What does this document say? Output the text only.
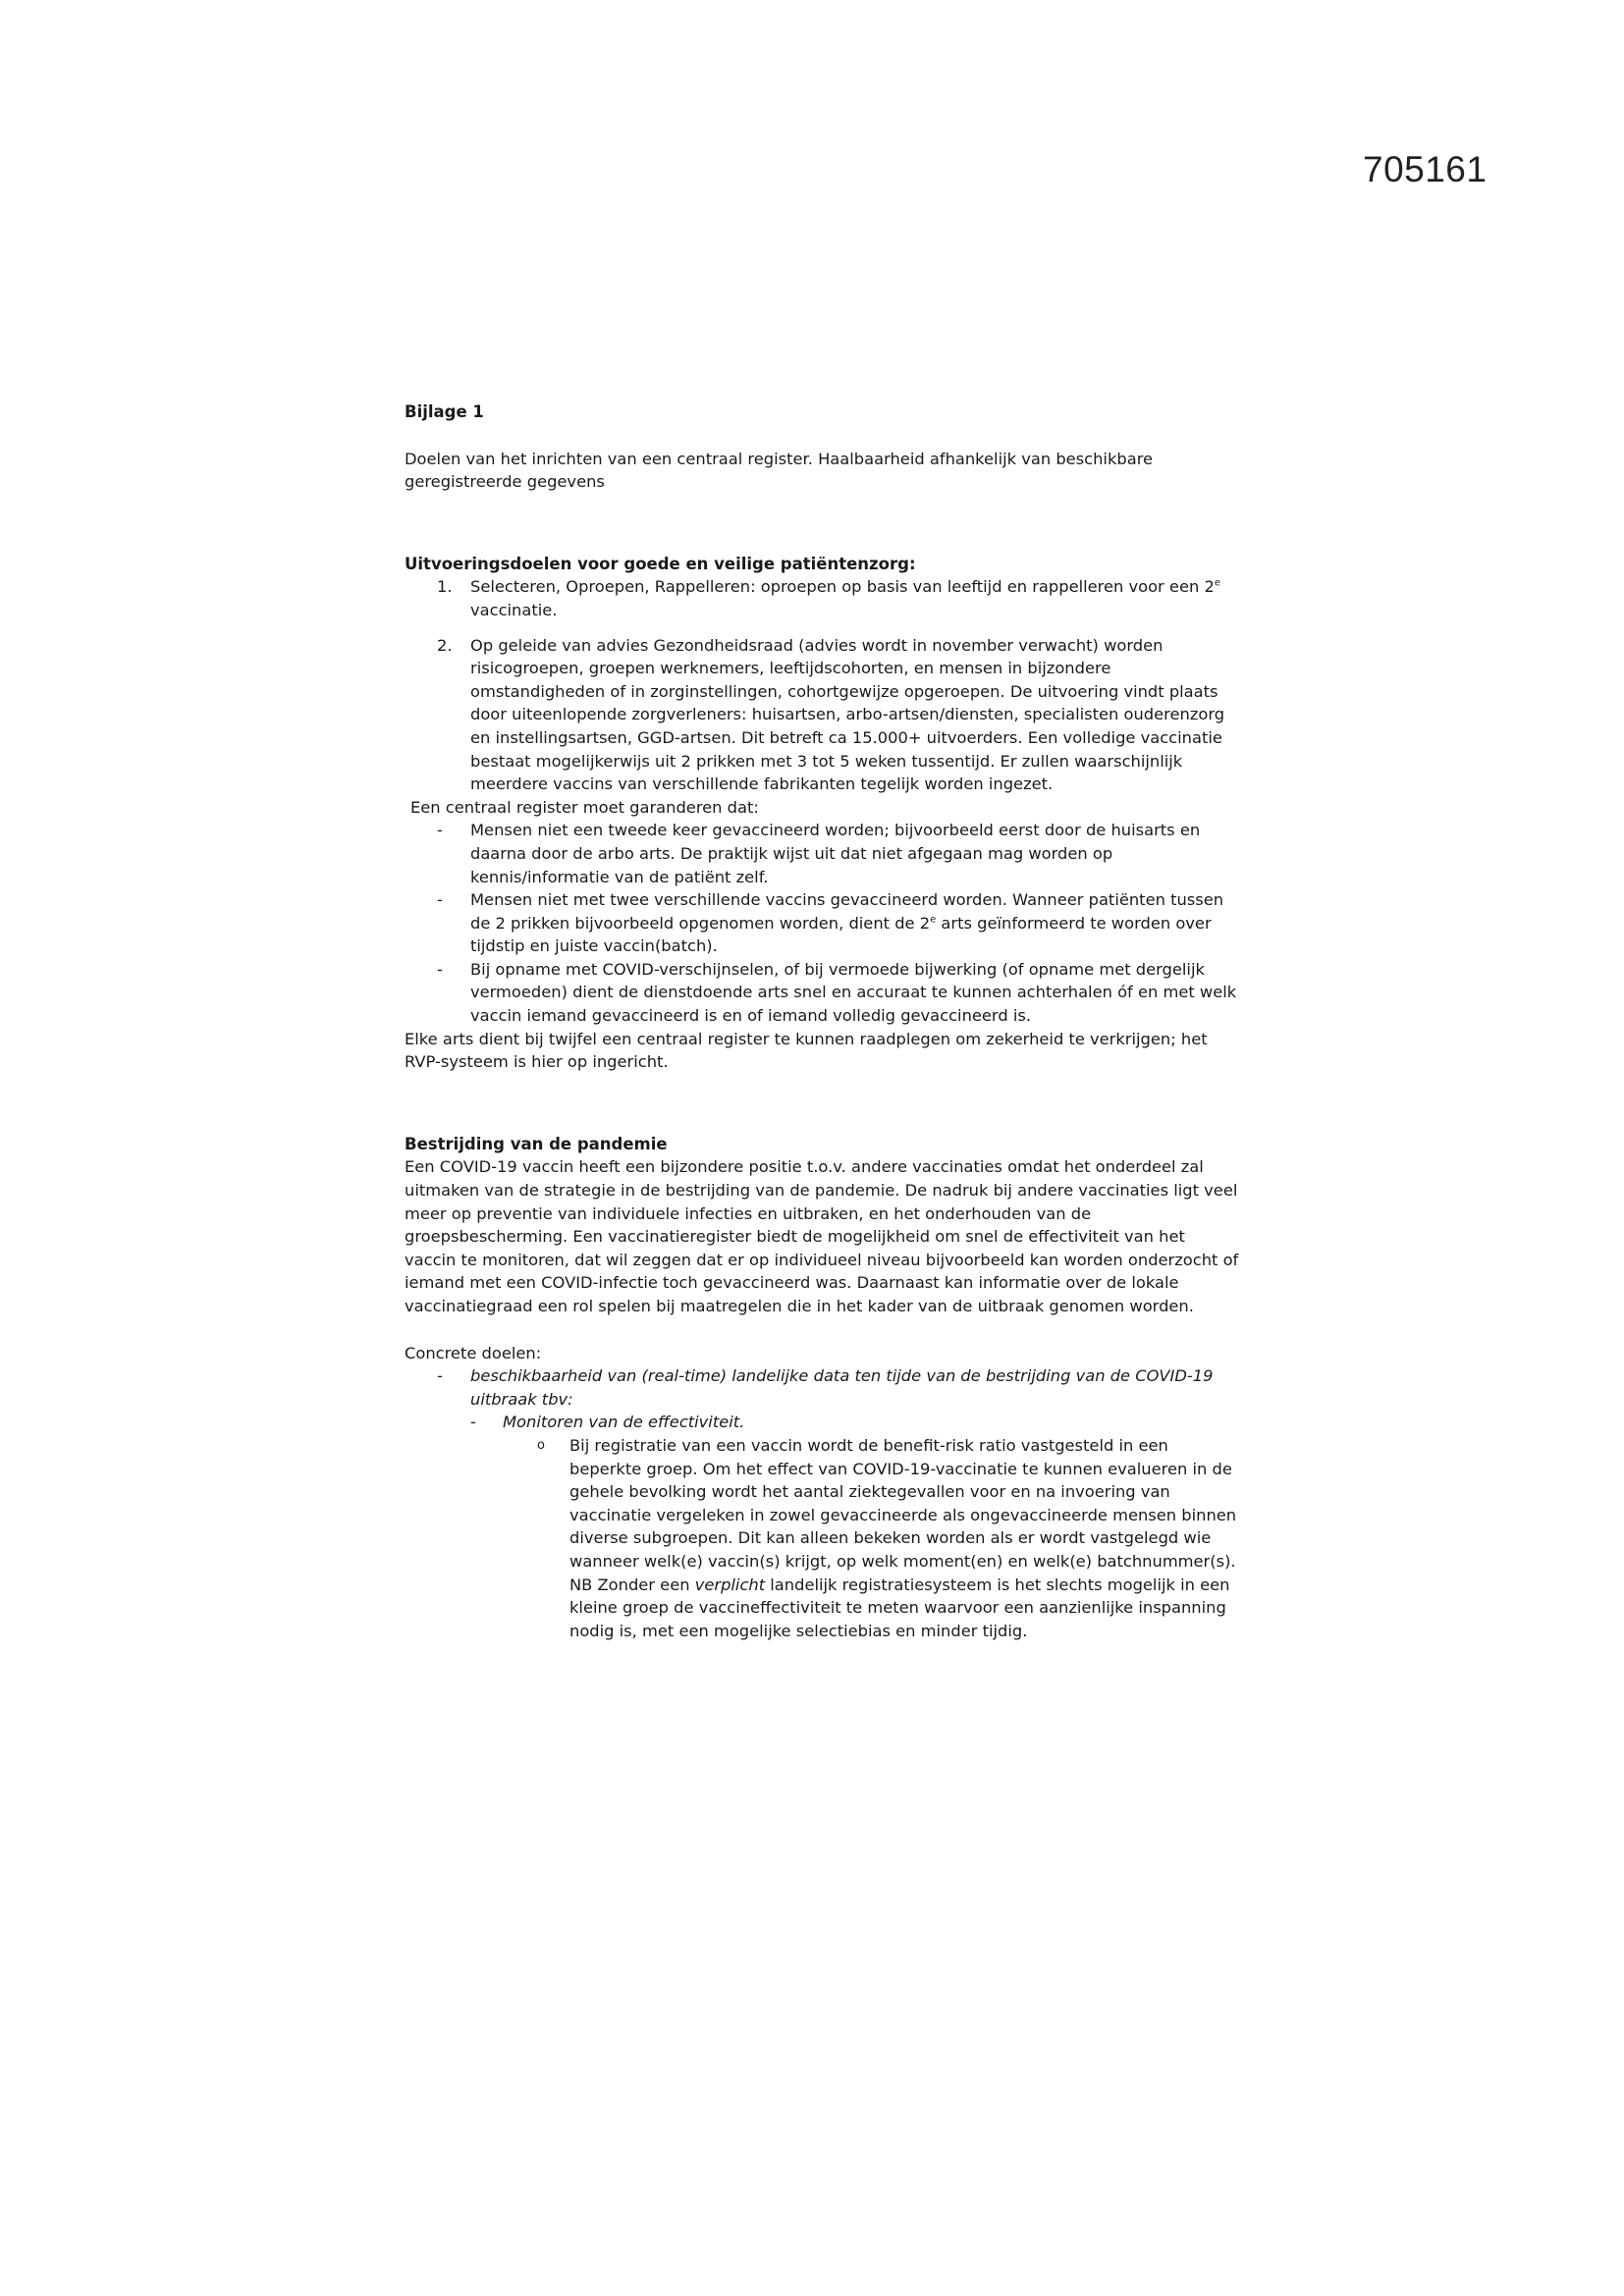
705161

Bijlage 1

Doelen van het inrichten van een centraal register. Haalbaarheid afhankelijk van beschikbare geregistreerde gegevens

Uitvoeringsdoelen voor goede en veilige patiëntenzorg:

1. Selecteren, Oproepen, Rappelleren: oproepen op basis van leeftijd en rappelleren voor een 2e vaccinatie.
2. Op geleide van advies Gezondheidsraad (advies wordt in november verwacht) worden risicogroepen, groepen werknemers, leeftijdscohorten, en mensen in bijzondere omstandigheden of in zorginstellingen, cohortgewijze opgeroepen. De uitvoering vindt plaats door uiteenlopende zorgverleners: huisartsen, arbo-artsen/diensten, specialisten ouderenzorg en instellingsartsen, GGD-artsen. Dit betreft ca 15.000+ uitvoerders. Een volledige vaccinatie bestaat mogelijkerwijs uit 2 prikken met 3 tot 5 weken tussentijd. Er zullen waarschijnlijk meerdere vaccins van verschillende fabrikanten tegelijk worden ingezet.

Een centraal register moet garanderen dat:

- Mensen niet een tweede keer gevaccineerd worden; bijvoorbeeld eerst door de huisarts en daarna door de arbo arts. De praktijk wijst uit dat niet afgegaan mag worden op kennis/informatie van de patiënt zelf.
- Mensen niet met twee verschillende vaccins gevaccineerd worden. Wanneer patiënten tussen de 2 prikken bijvoorbeeld opgenomen worden, dient de 2e arts geïnformeerd te worden over tijdstip en juiste vaccin(batch).
- Bij opname met COVID-verschijnselen, of bij vermoede bijwerking (of opname met dergelijk vermoeden) dient de dienstdoende arts snel en accuraat te kunnen achterhalen óf en met welk vaccin iemand gevaccineerd is en of iemand volledig gevaccineerd is.

Elke arts dient bij twijfel een centraal register te kunnen raadplegen om zekerheid te verkrijgen; het RVP-systeem is hier op ingericht.

Bestrijding van de pandemie

Een COVID-19 vaccin heeft een bijzondere positie t.o.v. andere vaccinaties omdat het onderdeel zal uitmaken van de strategie in de bestrijding van de pandemie. De nadruk bij andere vaccinaties ligt veel meer op preventie van individuele infecties en uitbraken, en het onderhouden van de groepsbescherming. Een vaccinatieregister biedt de mogelijkheid om snel de effectiviteit van het vaccin te monitoren, dat wil zeggen dat er op individueel niveau bijvoorbeeld kan worden onderzocht of iemand met een COVID-infectie toch gevaccineerd was. Daarnaast kan informatie over de lokale vaccinatiegraad een rol spelen bij maatregelen die in het kader van de uitbraak genomen worden.

Concrete doelen:

- beschikbaarheid van (real-time) landelijke data ten tijde van de bestrijding van de COVID-19 uitbraak tbv:
- Monitoren van de effectiviteit.
o Bij registratie van een vaccin wordt de benefit-risk ratio vastgesteld in een beperkte groep. Om het effect van COVID-19-vaccinatie te kunnen evalueren in de gehele bevolking wordt het aantal ziektegevallen voor en na invoering van vaccinatie vergeleken in zowel gevaccineerde als ongevaccineerde mensen binnen diverse subgroepen. Dit kan alleen bekeken worden als er wordt vastgelegd wie wanneer welk(e) vaccin(s) krijgt, op welk moment(en) en welk(e) batchnummer(s).
NB Zonder een verplicht landelijk registratiesysteem is het slechts mogelijk in een kleine groep de vaccineffectiviteit te meten waarvoor een aanzienlijke inspanning nodig is, met een mogelijke selectiebias en minder tijdig.
